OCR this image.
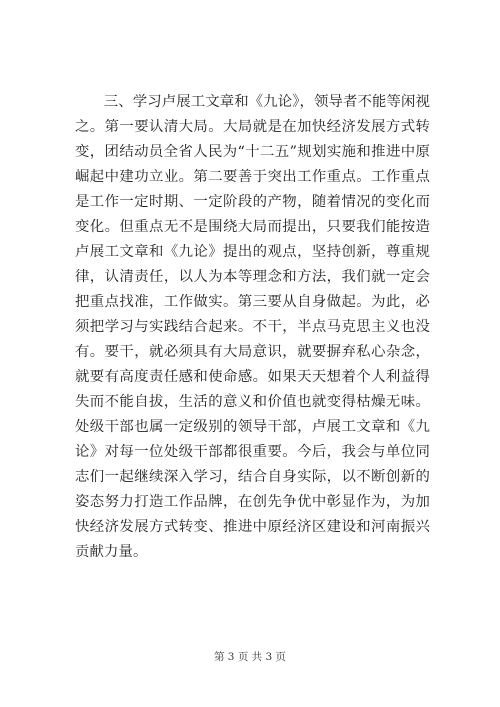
三、学习卢展工文章和《九论》，领导者不能等闲视之。第一要认清大局。大局就是在加快经济发展方式转变，团结动员全省人民为“十二五”规划实施和推进中原崛起中建功立业。第二要善于突出工作重点。工作重点是工作一定时期、一定阶段的产物，随着情况的变化而变化。但重点无不是围绕大局而提出，只要我们能按造卢展工文章和《九论》提出的观点，坚持创新，尊重规律，认清责任，以人为本等理念和方法，我们就一定会把重点找准，工作做实。第三要从自身做起。为此，必须把学习与实践结合起来。不干，半点马克思主义也没有。要干，就必须具有大局意识，就要摒弃私心杂念，就要有高度责任感和使命感。如果天天想着个人利益得失而不能自拔，生活的意义和价值也就变得枯燥无味。处级干部也属一定级别的领导干部，卢展工文章和《九论》对每一位处级干部都很重要。今后，我会与单位同志们一起继续深入学习，结合自身实际，以不断创新的姿态努力打造工作品牌，在创先争优中彰显作为，为加快经济发展方式转变、推进中原经济区建设和河南振兴贡献力量。

第 3 页 共 3 页
